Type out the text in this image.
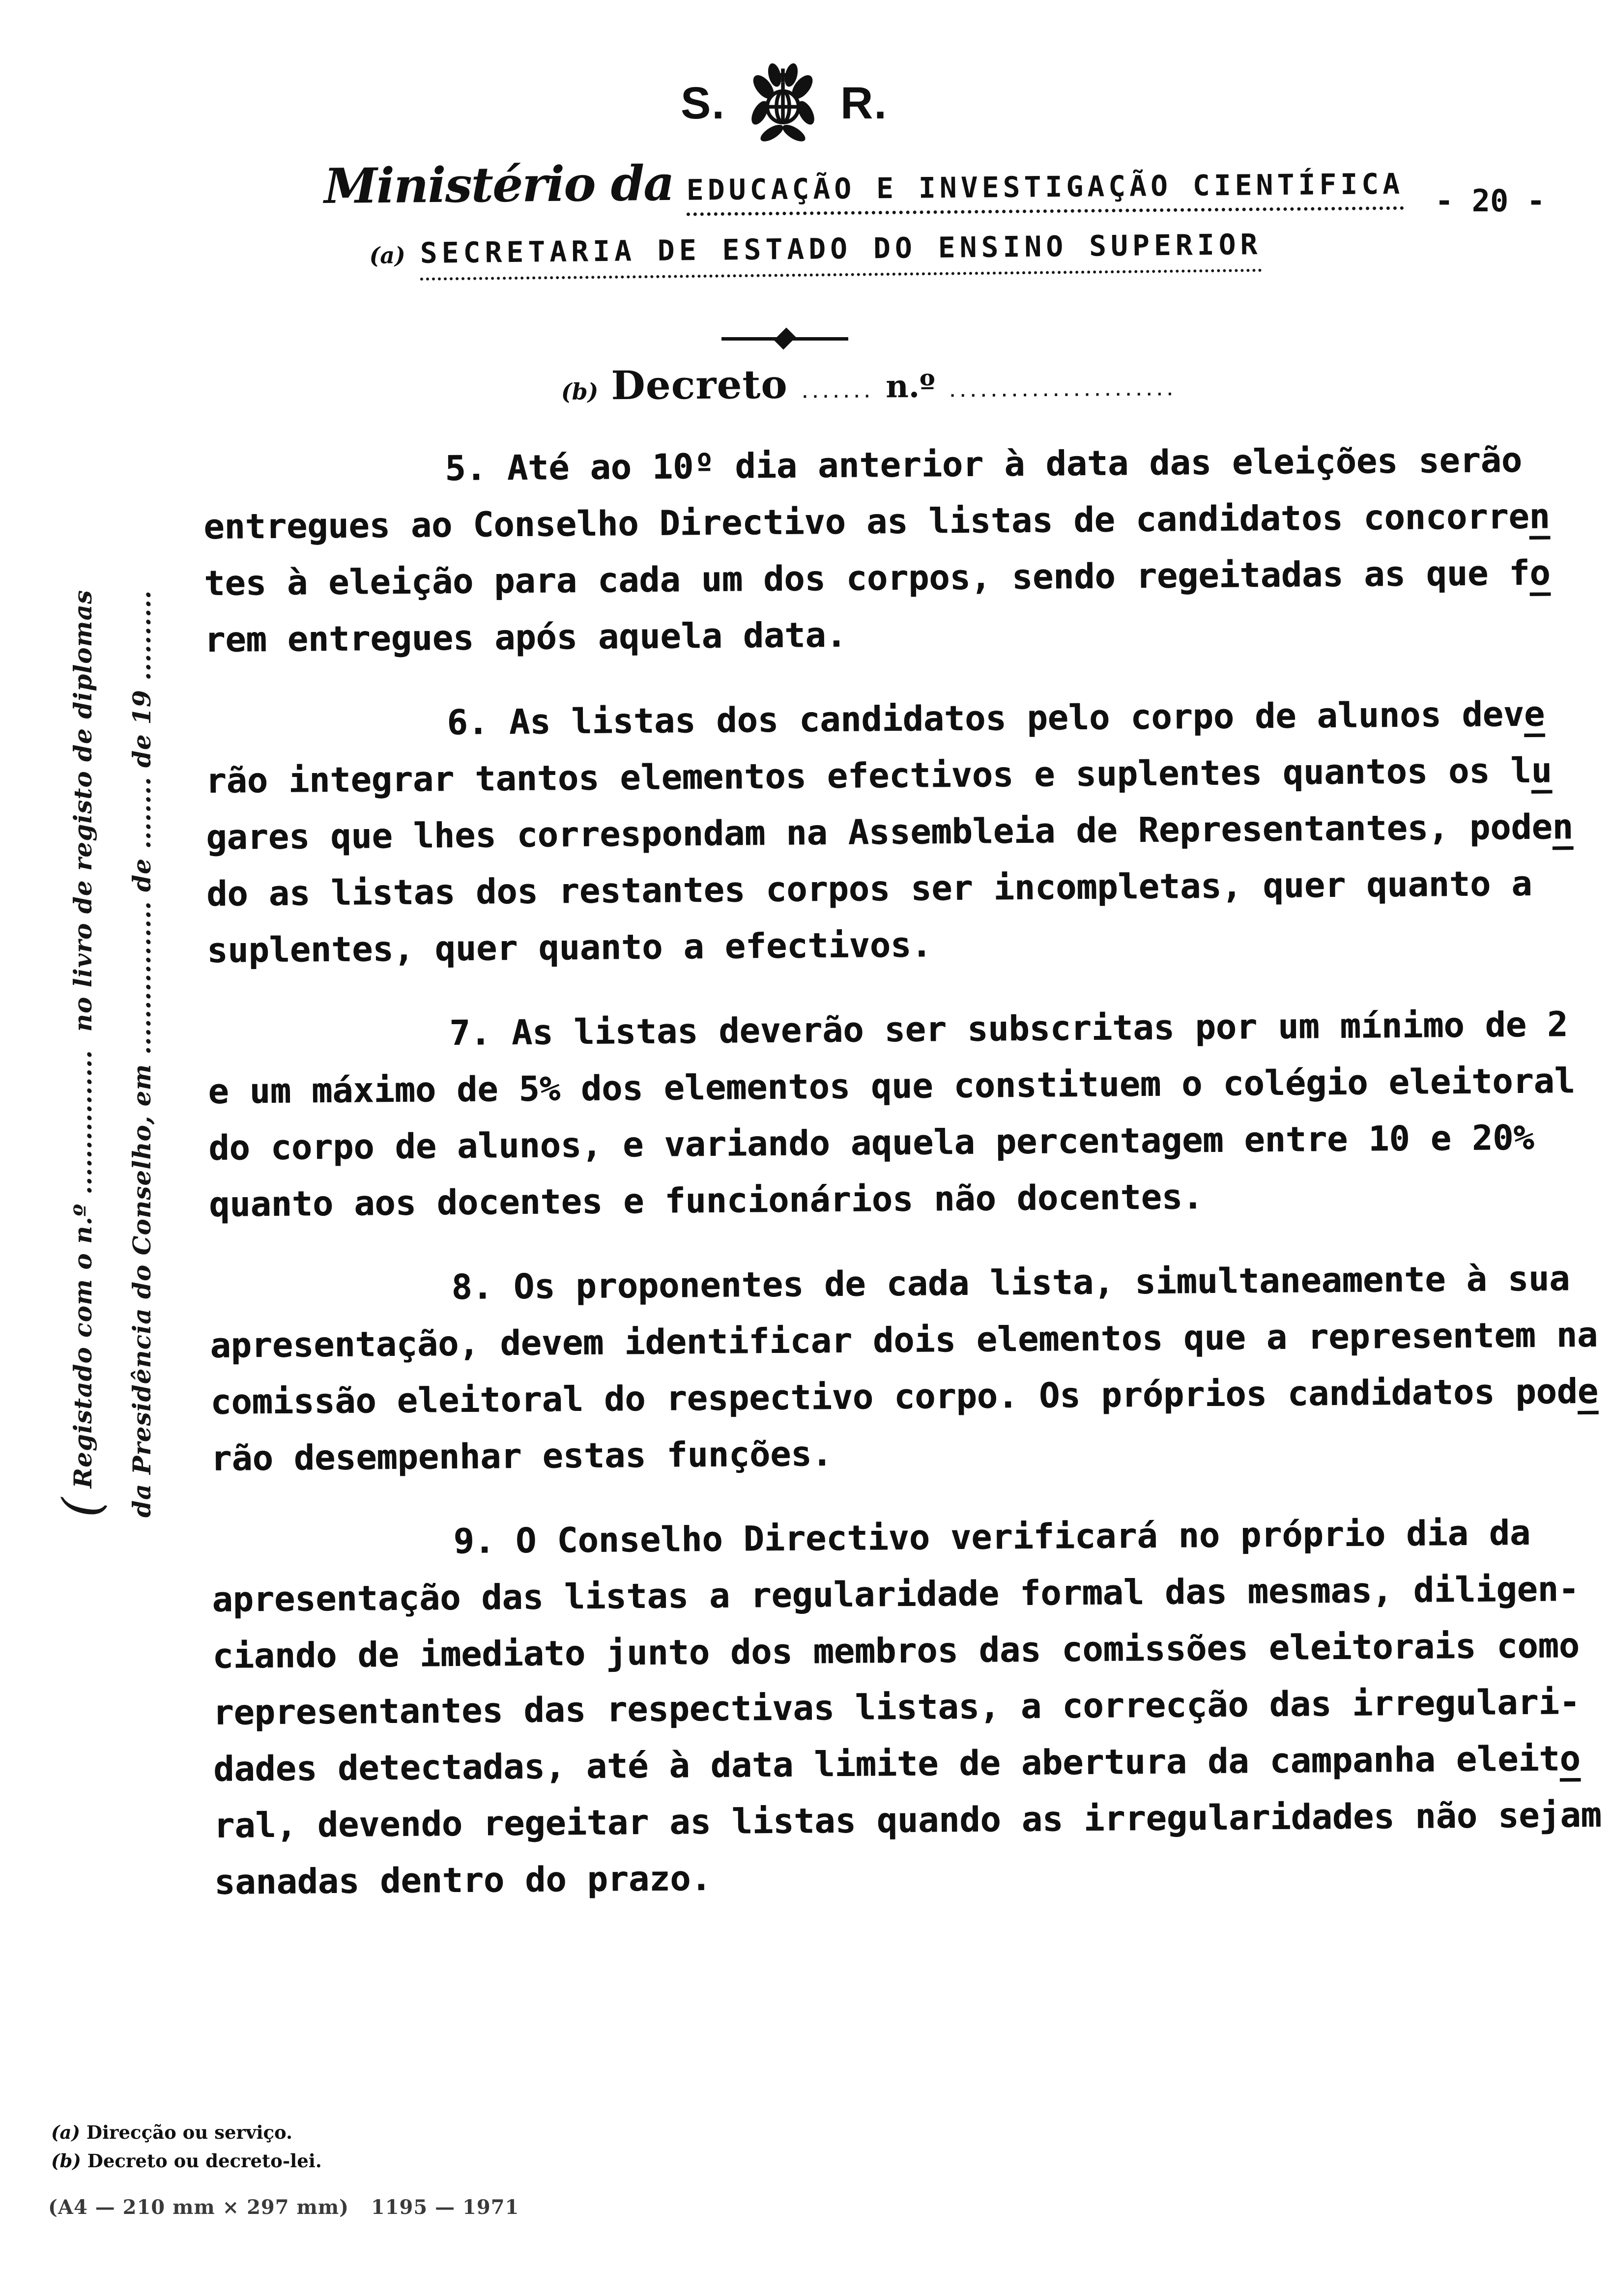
S.	R.
Ministério da EDUCAÇÃO E INVESTIGAÇÃO CIENTÍFICA - 20 -
(a) SECRETARIA DE ESTADO DO ENSINO SUPERIOR
(b) Decreto ....... n.º ......................
5. Até ao 10º dia anterior à data das eleições serão
entregues ao Conselho Directivo as listas de candidatos concorren
tes à eleição para cada um dos corpos, sendo regeitadas as que fo
rem entregues após aquela data.
6. As listas dos candidatos pelo corpo de alunos deve
rão integrar tantos elementos efectivos e suplentes quantos os lu
gares que lhes correspondam na Assembleia de Representantes, poden
do as listas dos restantes corpos ser incompletas, quer quanto a
suplentes, quer quanto a efectivos.
7. As listas deverão ser subscritas por um mínimo de 2
e um máximo de 5% dos elementos que constituem o colégio eleitoral
do corpo de alunos, e variando aquela percentagem entre 10 e 20%
quanto aos docentes e funcionários não docentes.
8. Os proponentes de cada lista, simultaneamente à sua
apresentação, devem identificar dois elementos que a representem na
comissão eleitoral do respectivo corpo. Os próprios candidatos pode
rão desempenhar estas funções.
9. O Conselho Directivo verificará no próprio dia da
apresentação das listas a regularidade formal das mesmas, diligen-
ciando de imediato junto dos membros das comissões eleitorais como
representantes das respectivas listas, a correcção das irregulari-
dades detectadas, até à data limite de abertura da campanha eleito
ral, devendo regeitar as listas quando as irregularidades não sejam
sanadas dentro do prazo.
(Registado com o n.º ................  no livro de registo de diplomas	da Presidência do Conselho, em ................. de ........ de 19 ..........
(a) Direcção ou serviço.
(b) Decreto ou decreto-lei.
(A4 — 210 mm × 297 mm)   1195 — 1971
